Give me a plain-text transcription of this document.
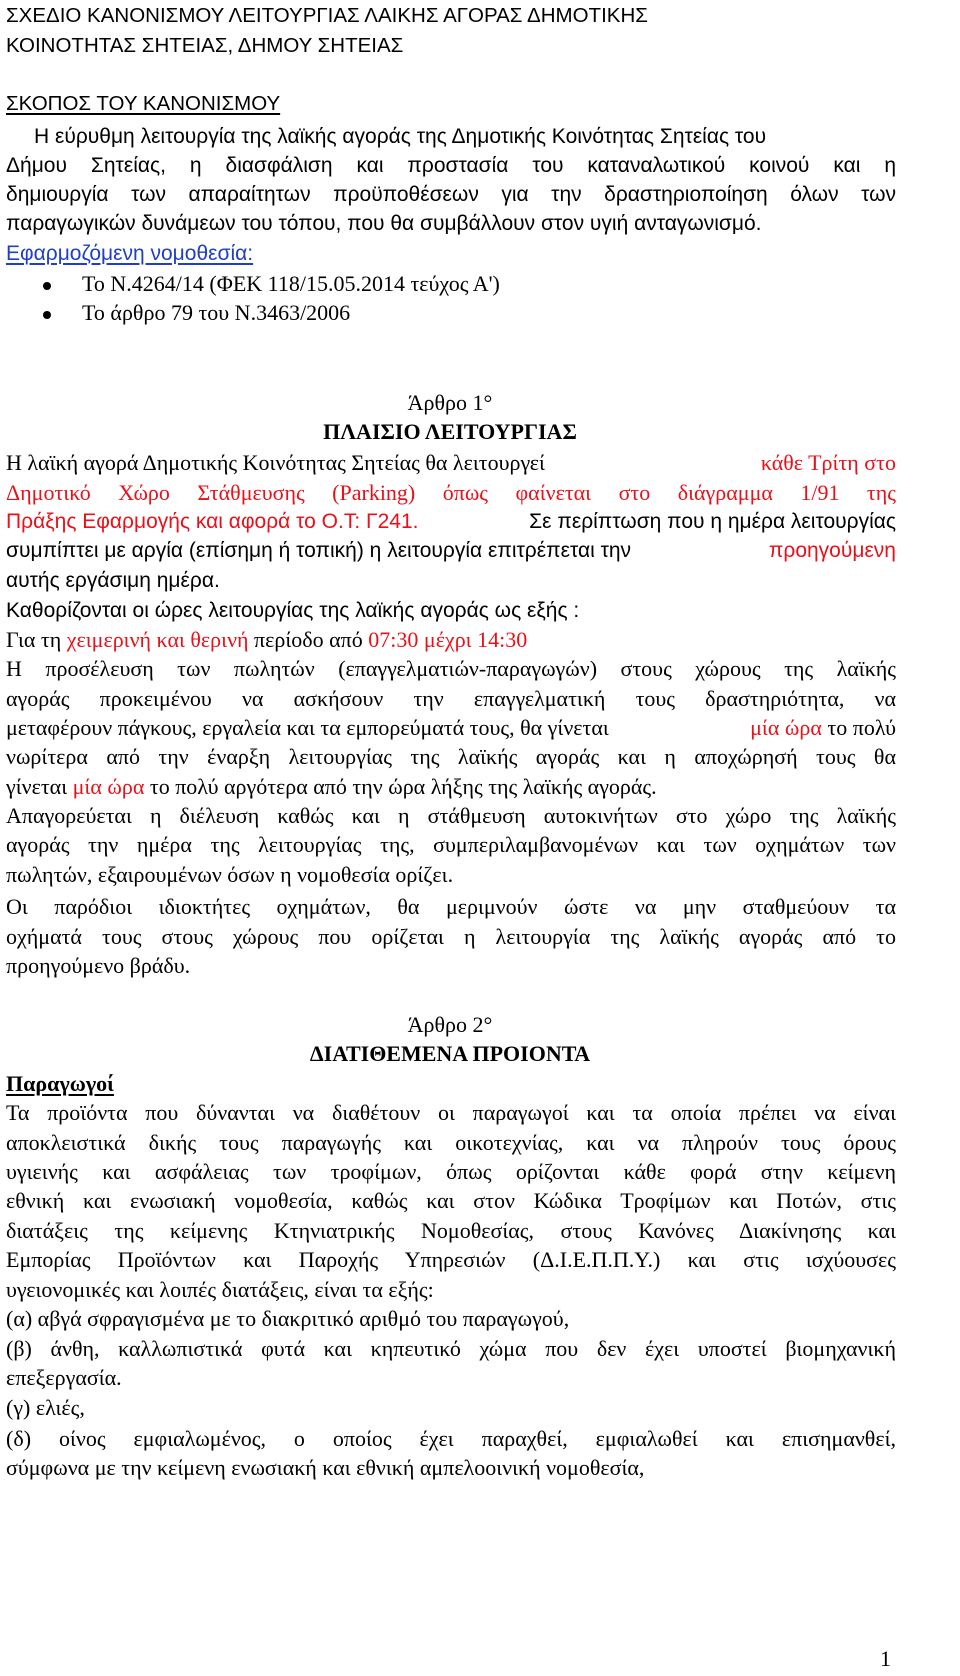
ΣΧΕΔΙΟ ΚΑΝΟΝΙΣΜΟΥ ΛΕΙΤΟΥΡΓΙΑΣ ΛΑΙΚΗΣ ΑΓΟΡΑΣ ΔΗΜΟΤΙΚΗΣ
ΚΟΙΝΟΤΗΤΑΣ ΣΗΤΕΙΑΣ, ΔΗΜΟΥ ΣΗΤΕΙΑΣ
ΣΚΟΠΟΣ ΤΟΥ ΚΑΝΟΝΙΣΜΟΥ
Η εύρυθμη λειτουργία της λαϊκής αγοράς της Δημοτικής Κοινότητας Σητείας του
Δήμου Σητείας, η διασφάλιση και προστασία του καταναλωτικού κοινού και η
δημιουργία των απαραίτητων προϋποθέσεων για την δραστηριοποίηση όλων των
παραγωγικών δυνάμεων του τόπου, που θα συμβάλλουν στον υγιή ανταγωνισμό.
Εφαρμοζόμενη νομοθεσία:
Το Ν.4264/14 (ΦΕΚ 118/15.05.2014 τεύχος Α')
Το άρθρο 79 του Ν.3463/2006
Άρθρο 1°
ΠΛΑΙΣΙΟ ΛΕΙΤΟΥΡΓΙΑΣ
Η λαϊκή αγορά Δημοτικής Κοινότητας Σητείας θα λειτουργεί	κάθε Τρίτη στο
Δημοτικό Χώρο Στάθμευσης (Parking) όπως φαίνεται στο διάγραμμα 1/91 της
Πράξης Εφαρμογής και αφορά το Ο.Τ: Γ241.	Σε περίπτωση που η ημέρα λειτουργίας
συμπίπτει με αργία (επίσημη ή τοπική) η λειτουργία επιτρέπεται την	προηγούμενη
αυτής εργάσιμη ημέρα.
Καθορίζονται οι ώρες λειτουργίας της λαϊκής αγοράς ως εξής :
Για τη χειμερινή και θερινή περίοδο από 07:30 μέχρι 14:30
Η προσέλευση των πωλητών (επαγγελματιών-παραγωγών) στους χώρους της λαϊκής
αγοράς προκειμένου να ασκήσουν την επαγγελματική τους δραστηριότητα, να
μεταφέρουν πάγκους, εργαλεία και τα εμπορεύματά τους, θα γίνεται	μία ώρα το πολύ
νωρίτερα από την έναρξη λειτουργίας της λαϊκής αγοράς και η αποχώρησή τους θα
γίνεται μία ώρα το πολύ αργότερα από την ώρα λήξης της λαϊκής αγοράς.
Απαγορεύεται η διέλευση καθώς και η στάθμευση αυτοκινήτων στο χώρο της λαϊκής
αγοράς την ημέρα της λειτουργίας της, συμπεριλαμβανομένων και των οχημάτων των
πωλητών, εξαιρουμένων όσων η νομοθεσία ορίζει.
Οι παρόδιοι ιδιοκτήτες οχημάτων, θα μεριμνούν ώστε να μην σταθμεύουν τα
οχήματά τους στους χώρους που ορίζεται η λειτουργία της λαϊκής αγοράς από το
προηγούμενο βράδυ.
Άρθρο 2°
ΔΙΑΤΙΘΕΜΕΝΑ ΠΡΟΙΟΝΤΑ
Παραγωγοί
Τα προϊόντα που δύνανται να διαθέτουν οι παραγωγοί και τα οποία πρέπει να είναι
αποκλειστικά δικής τους παραγωγής και οικοτεχνίας, και να πληρούν τους όρους
υγιεινής και ασφάλειας των τροφίμων, όπως ορίζονται κάθε φορά στην κείμενη
εθνική και ενωσιακή νομοθεσία, καθώς και στον Κώδικα Τροφίμων και Ποτών, στις
διατάξεις της κείμενης Κτηνιατρικής Νομοθεσίας, στους Κανόνες Διακίνησης και
Εμπορίας Προϊόντων και Παροχής Υπηρεσιών (Δ.Ι.Ε.Π.Π.Υ.) και στις ισχύουσες
υγειονομικές και λοιπές διατάξεις, είναι τα εξής:
(α) αβγά σφραγισμένα με το διακριτικό αριθμό του παραγωγού,
(β) άνθη, καλλωπιστικά φυτά και κηπευτικό χώμα που δεν έχει υποστεί βιομηχανική
επεξεργασία.
(γ) ελιές,
(δ) οίνος εμφιαλωμένος, ο οποίος έχει παραχθεί, εμφιαλωθεί και επισημανθεί,
σύμφωνα με την κείμενη ενωσιακή και εθνική αμπελοοινική νομοθεσία,
1
